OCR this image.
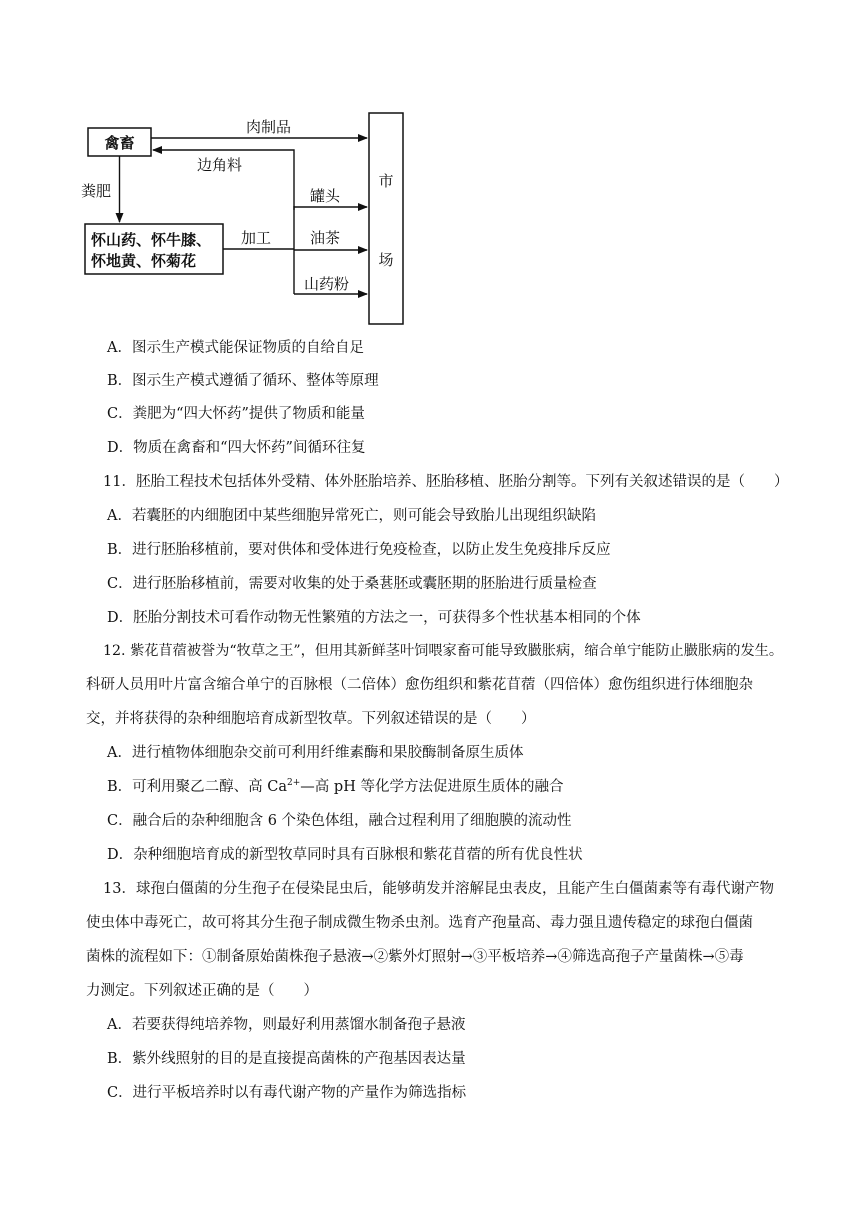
禽畜
怀山药、怀牛膝、
怀地黄、怀菊花
市
场
肉制品
边角料
粪肥
加工
罐头
油茶
山药粉
A．图示生产模式能保证物质的自给自足
B．图示生产模式遵循了循环、整体等原理
C．粪肥为“四大怀药”提供了物质和能量
D．物质在禽畜和“四大怀药”间循环往复
11．胚胎工程技术包括体外受精、体外胚胎培养、胚胎移植、胚胎分割等。下列有关叙述错误的是（　　）
A．若囊胚的内细胞团中某些细胞异常死亡，则可能会导致胎儿出现组织缺陷
B．进行胚胎移植前，要对供体和受体进行免疫检查，以防止发生免疫排斥反应
C．进行胚胎移植前，需要对收集的处于桑葚胚或囊胚期的胚胎进行质量检查
D．胚胎分割技术可看作动物无性繁殖的方法之一，可获得多个性状基本相同的个体
12. 紫花苜蓿被誉为“牧草之王”，但用其新鲜茎叶饲喂家畜可能导致臌胀病，缩合单宁能防止臌胀病的发生。
科研人员用叶片富含缩合单宁的百脉根（二倍体）愈伤组织和紫花苜蓿（四倍体）愈伤组织进行体细胞杂
交，并将获得的杂种细胞培育成新型牧草。下列叙述错误的是（　　）
A．进行植物体细胞杂交前可利用纤维素酶和果胶酶制备原生质体
B．可利用聚乙二醇、高 $Ca^{2+}—$高 pH 等化学方法促进原生质体的融合
C．融合后的杂种细胞含 6 个染色体组，融合过程利用了细胞膜的流动性
D．杂种细胞培育成的新型牧草同时具有百脉根和紫花苜蓿的所有优良性状
13．球孢白僵菌的分生孢子在侵染昆虫后，能够萌发并溶解昆虫表皮，且能产生白僵菌素等有毒代谢产物
使虫体中毒死亡，故可将其分生孢子制成微生物杀虫剂。选育产孢量高、毒力强且遗传稳定的球孢白僵菌
菌株的流程如下：①制备原始菌株孢子悬液→②紫外灯照射→③平板培养→④筛选高孢子产量菌株→⑤毒
力测定。下列叙述正确的是（　　）
A．若要获得纯培养物，则最好利用蒸馏水制备孢子悬液
B．紫外线照射的目的是直接提高菌株的产孢基因表达量
C．进行平板培养时以有毒代谢产物的产量作为筛选指标
